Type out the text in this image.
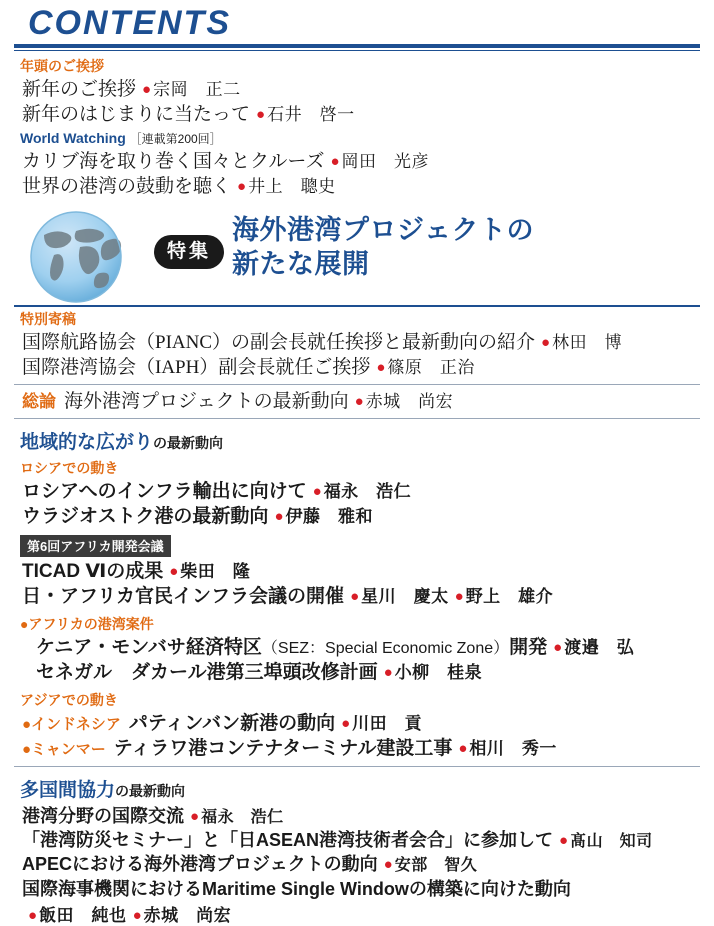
CONTENTS
年頭のご挨拶
新年のご挨拶 ● 宗岡　正二
新年のはじまりに当たって ● 石井　啓一
World Watching ［連載第200回］
カリブ海を取り巻く国々とクルーズ ● 岡田　光彦
世界の港湾の鼓動を聴く ● 井上　聰史
特集
海外港湾プロジェクトの
新たな展開
特別寄稿
国際航路協会（PIANC）の副会長就任挨拶と最新動向の紹介 ● 林田　博
国際港湾協会（IAPH）副会長就任ご挨拶 ● 篠原　正治
総論 海外港湾プロジェクトの最新動向 ● 赤城　尚宏
地域的な広がりの最新動向
ロシアでの動き
ロシアへのインフラ輸出に向けて ● 福永　浩仁
ウラジオストク港の最新動向 ● 伊藤　雅和
第6回アフリカ開発会議
TICAD Ⅵの成果 ● 柴田　隆
日・アフリカ官民インフラ会議の開催 ● 星川　慶太 ● 野上　雄介
●アフリカの港湾案件
ケニア・モンバサ経済特区（SEZ：Special Economic Zone）開発 ● 渡邉　弘
セネガル　ダカール港第三埠頭改修計画 ● 小柳　桂泉
アジアでの動き
●インドネシア パティンバン新港の動向 ● 川田　貢
●ミャンマー ティラワ港コンテナターミナル建設工事 ● 相川　秀一
多国間協力の最新動向
港湾分野の国際交流 ● 福永　浩仁
「港湾防災セミナー」と「日ASEAN港湾技術者会合」に参加して ● 髙山　知司
APECにおける海外港湾プロジェクトの動向 ● 安部　智久
国際海事機関におけるMaritime Single Windowの構築に向けた動向
● 飯田　純也 ● 赤城　尚宏
